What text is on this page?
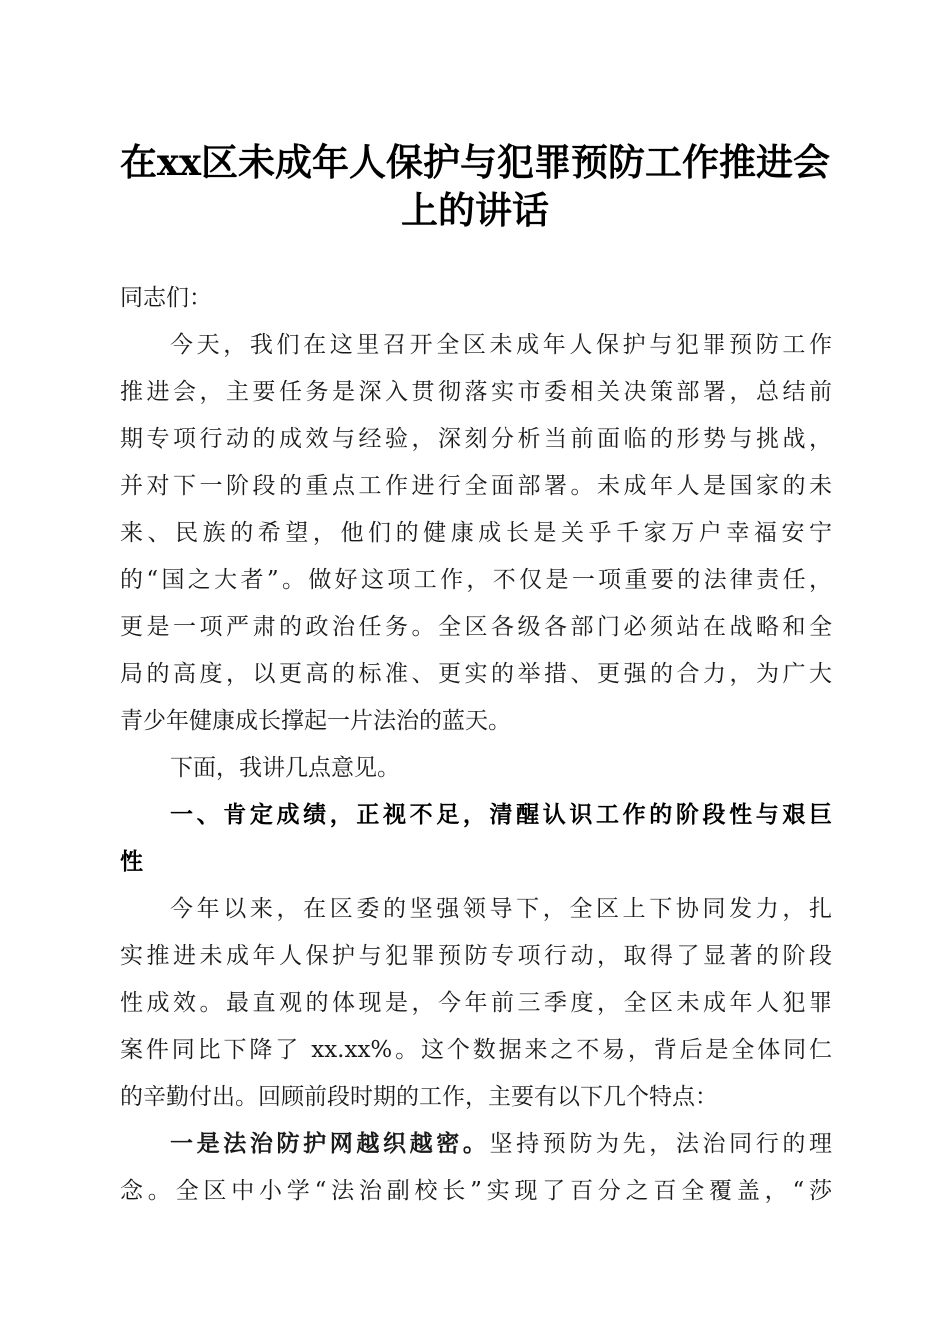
在xx区未成年人保护与犯罪预防工作推进会
上的讲话
同志们：
今天，我们在这里召开全区未成年人保护与犯罪预防工作
推进会，主要任务是深入贯彻落实市委相关决策部署，总结前
期专项行动的成效与经验，深刻分析当前面临的形势与挑战，
并对下一阶段的重点工作进行全面部署。未成年人是国家的未
来、民族的希望，他们的健康成长是关乎千家万户幸福安宁
的“国之大者”。做好这项工作，不仅是一项重要的法律责任，
更是一项严肃的政治任务。全区各级各部门必须站在战略和全
局的高度，以更高的标准、更实的举措、更强的合力，为广大
青少年健康成长撑起一片法治的蓝天。
下面，我讲几点意见。
一、肯定成绩，正视不足，清醒认识工作的阶段性与艰巨
性
今年以来，在区委的坚强领导下，全区上下协同发力，扎
实推进未成年人保护与犯罪预防专项行动，取得了显著的阶段
性成效。最直观的体现是，今年前三季度，全区未成年人犯罪
案件同比下降了 xx.xx%。这个数据来之不易，背后是全体同仁
的辛勤付出。回顾前段时期的工作，主要有以下几个特点：
一是法治防护网越织越密。坚持预防为先，法治同行的理
念。全区中小学“法治副校长”实现了百分之百全覆盖，“莎
